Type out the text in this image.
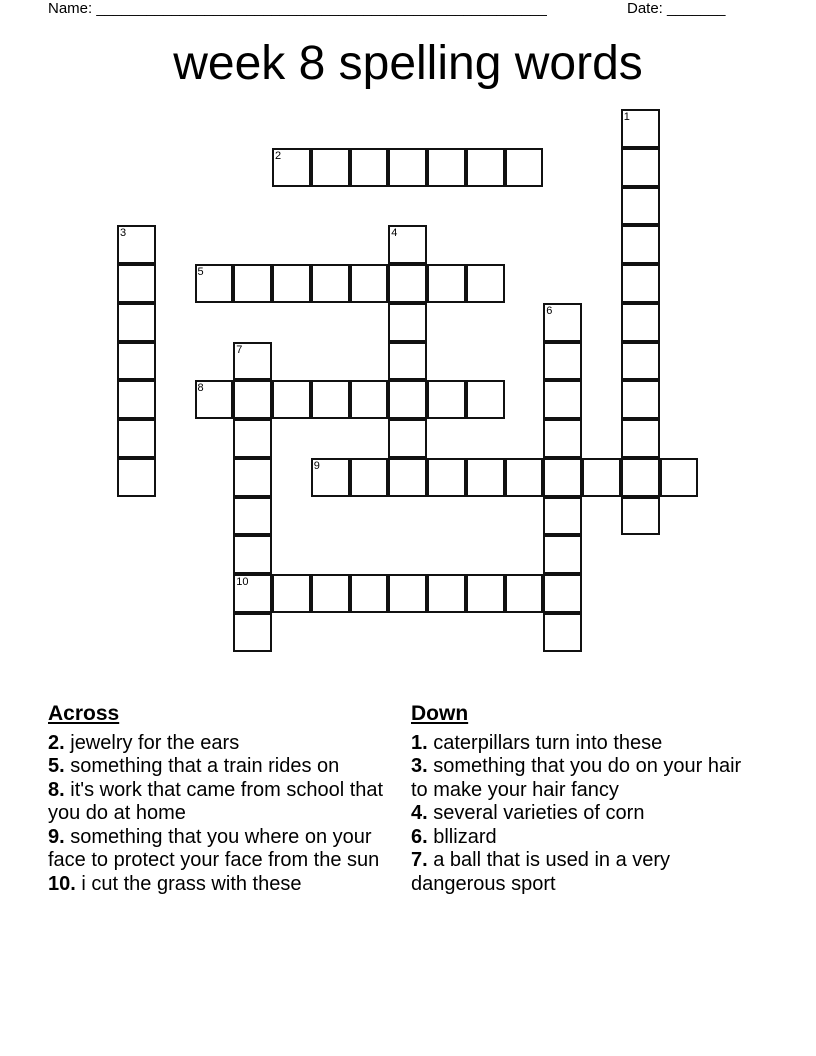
Name: ______________________________________________________	Date: _______
week 8 spelling words
1
2
3	4
5
6
7
10
8
9
Across
2. jewelry for the ears
5. something that a train rides on
8. it's work that came from school that you do at home
9. something that you where on your face to protect your face from the sun
10. i cut the grass with these
Down
1. caterpillars turn into these
3. something that you do on your hair to make your hair fancy
4. several varieties of corn
6. bllizard
7. a ball that is used in a very dangerous sport
